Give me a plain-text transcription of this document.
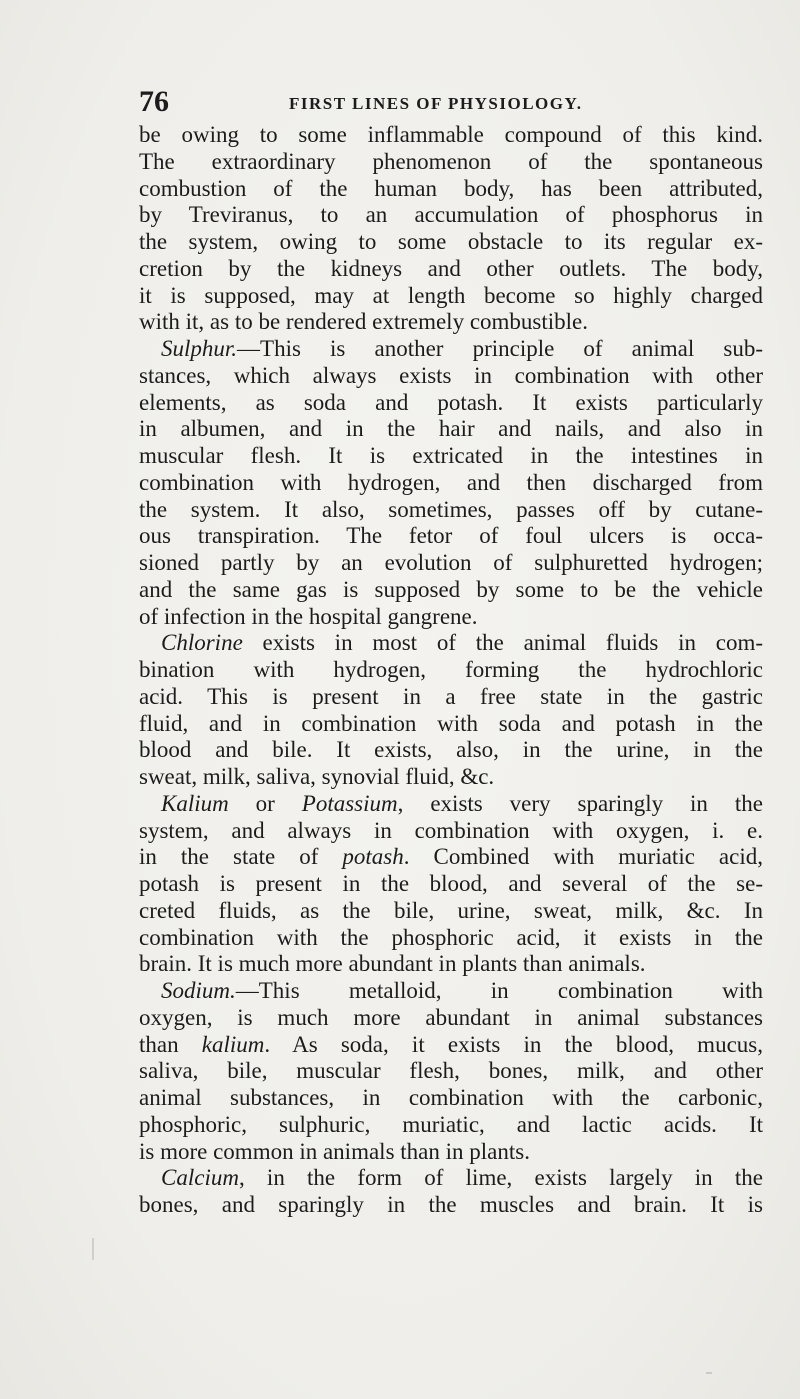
76	FIRST LINES OF PHYSIOLOGY.
be owing to some inflammable compound of this kind.
The extraordinary phenomenon of the spontaneous
combustion of the human body, has been attributed,
by Treviranus, to an accumulation of phosphorus in
the system, owing to some obstacle to its regular ex-
cretion by the kidneys and other outlets. The body,
it is supposed, may at length become so highly charged
with it, as to be rendered extremely combustible.
Sulphur.—This is another principle of animal sub-
stances, which always exists in combination with other
elements, as soda and potash. It exists particularly
in albumen, and in the hair and nails, and also in
muscular flesh. It is extricated in the intestines in
combination with hydrogen, and then discharged from
the system. It also, sometimes, passes off by cutane-
ous transpiration. The fetor of foul ulcers is occa-
sioned partly by an evolution of sulphuretted hydrogen;
and the same gas is supposed by some to be the vehicle
of infection in the hospital gangrene.
Chlorine exists in most of the animal fluids in com-
bination with hydrogen, forming the hydrochloric
acid. This is present in a free state in the gastric
fluid, and in combination with soda and potash in the
blood and bile. It exists, also, in the urine, in the
sweat, milk, saliva, synovial fluid, &c.
Kalium or Potassium, exists very sparingly in the
system, and always in combination with oxygen, i. e.
in the state of potash. Combined with muriatic acid,
potash is present in the blood, and several of the se-
creted fluids, as the bile, urine, sweat, milk, &c. In
combination with the phosphoric acid, it exists in the
brain. It is much more abundant in plants than animals.
Sodium.—This metalloid, in combination with
oxygen, is much more abundant in animal substances
than kalium. As soda, it exists in the blood, mucus,
saliva, bile, muscular flesh, bones, milk, and other
animal substances, in combination with the carbonic,
phosphoric, sulphuric, muriatic, and lactic acids. It
is more common in animals than in plants.
Calcium, in the form of lime, exists largely in the
bones, and sparingly in the muscles and brain. It is
